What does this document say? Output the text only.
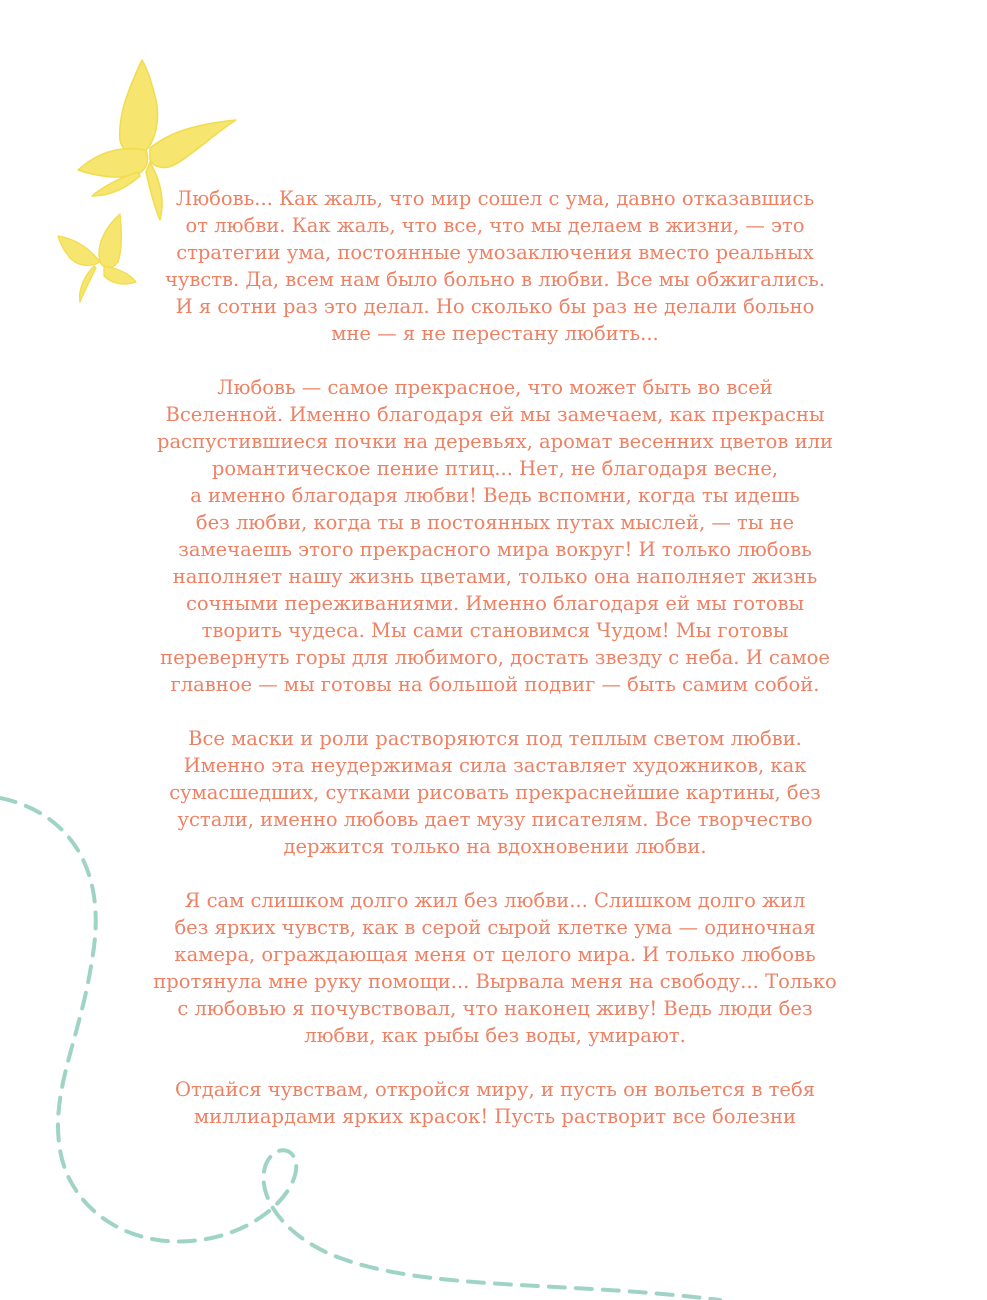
Любовь... Как жаль, что мир сошел с ума, давно отказавшись
от любви. Как жаль, что все, что мы делаем в жизни, — это
стратегии ума, постоянные умозаключения вместо реальных
чувств. Да, всем нам было больно в любви. Все мы обжигались.
И я сотни раз это делал. Но сколько бы раз не делали больно
мне — я не перестану любить...

Любовь — самое прекрасное, что может быть во всей
Вселенной. Именно благодаря ей мы замечаем, как прекрасны
распустившиеся почки на деревьях, аромат весенних цветов или
романтическое пение птиц... Нет, не благодаря весне,
а именно благодаря любви! Ведь вспомни, когда ты идешь
без любви, когда ты в постоянных путах мыслей, — ты не
замечаешь этого прекрасного мира вокруг! И только любовь
наполняет нашу жизнь цветами, только она наполняет жизнь
сочными переживаниями. Именно благодаря ей мы готовы
творить чудеса. Мы сами становимся Чудом! Мы готовы
перевернуть горы для любимого, достать звезду с неба. И самое
главное — мы готовы на большой подвиг — быть самим собой.

Все маски и роли растворяются под теплым светом любви.
Именно эта неудержимая сила заставляет художников, как
сумасшедших, сутками рисовать прекраснейшие картины, без
устали, именно любовь дает музу писателям. Все творчество
держится только на вдохновении любви.

Я сам слишком долго жил без любви... Слишком долго жил
без ярких чувств, как в серой сырой клетке ума — одиночная
камера, ограждающая меня от целого мира. И только любовь
протянула мне руку помощи... Вырвала меня на свободу... Только
с любовью я почувствовал, что наконец живу! Ведь люди без
любви, как рыбы без воды, умирают.

Отдайся чувствам, откройся миру, и пусть он вольется в тебя
миллиардами ярких красок! Пусть растворит все болезни
